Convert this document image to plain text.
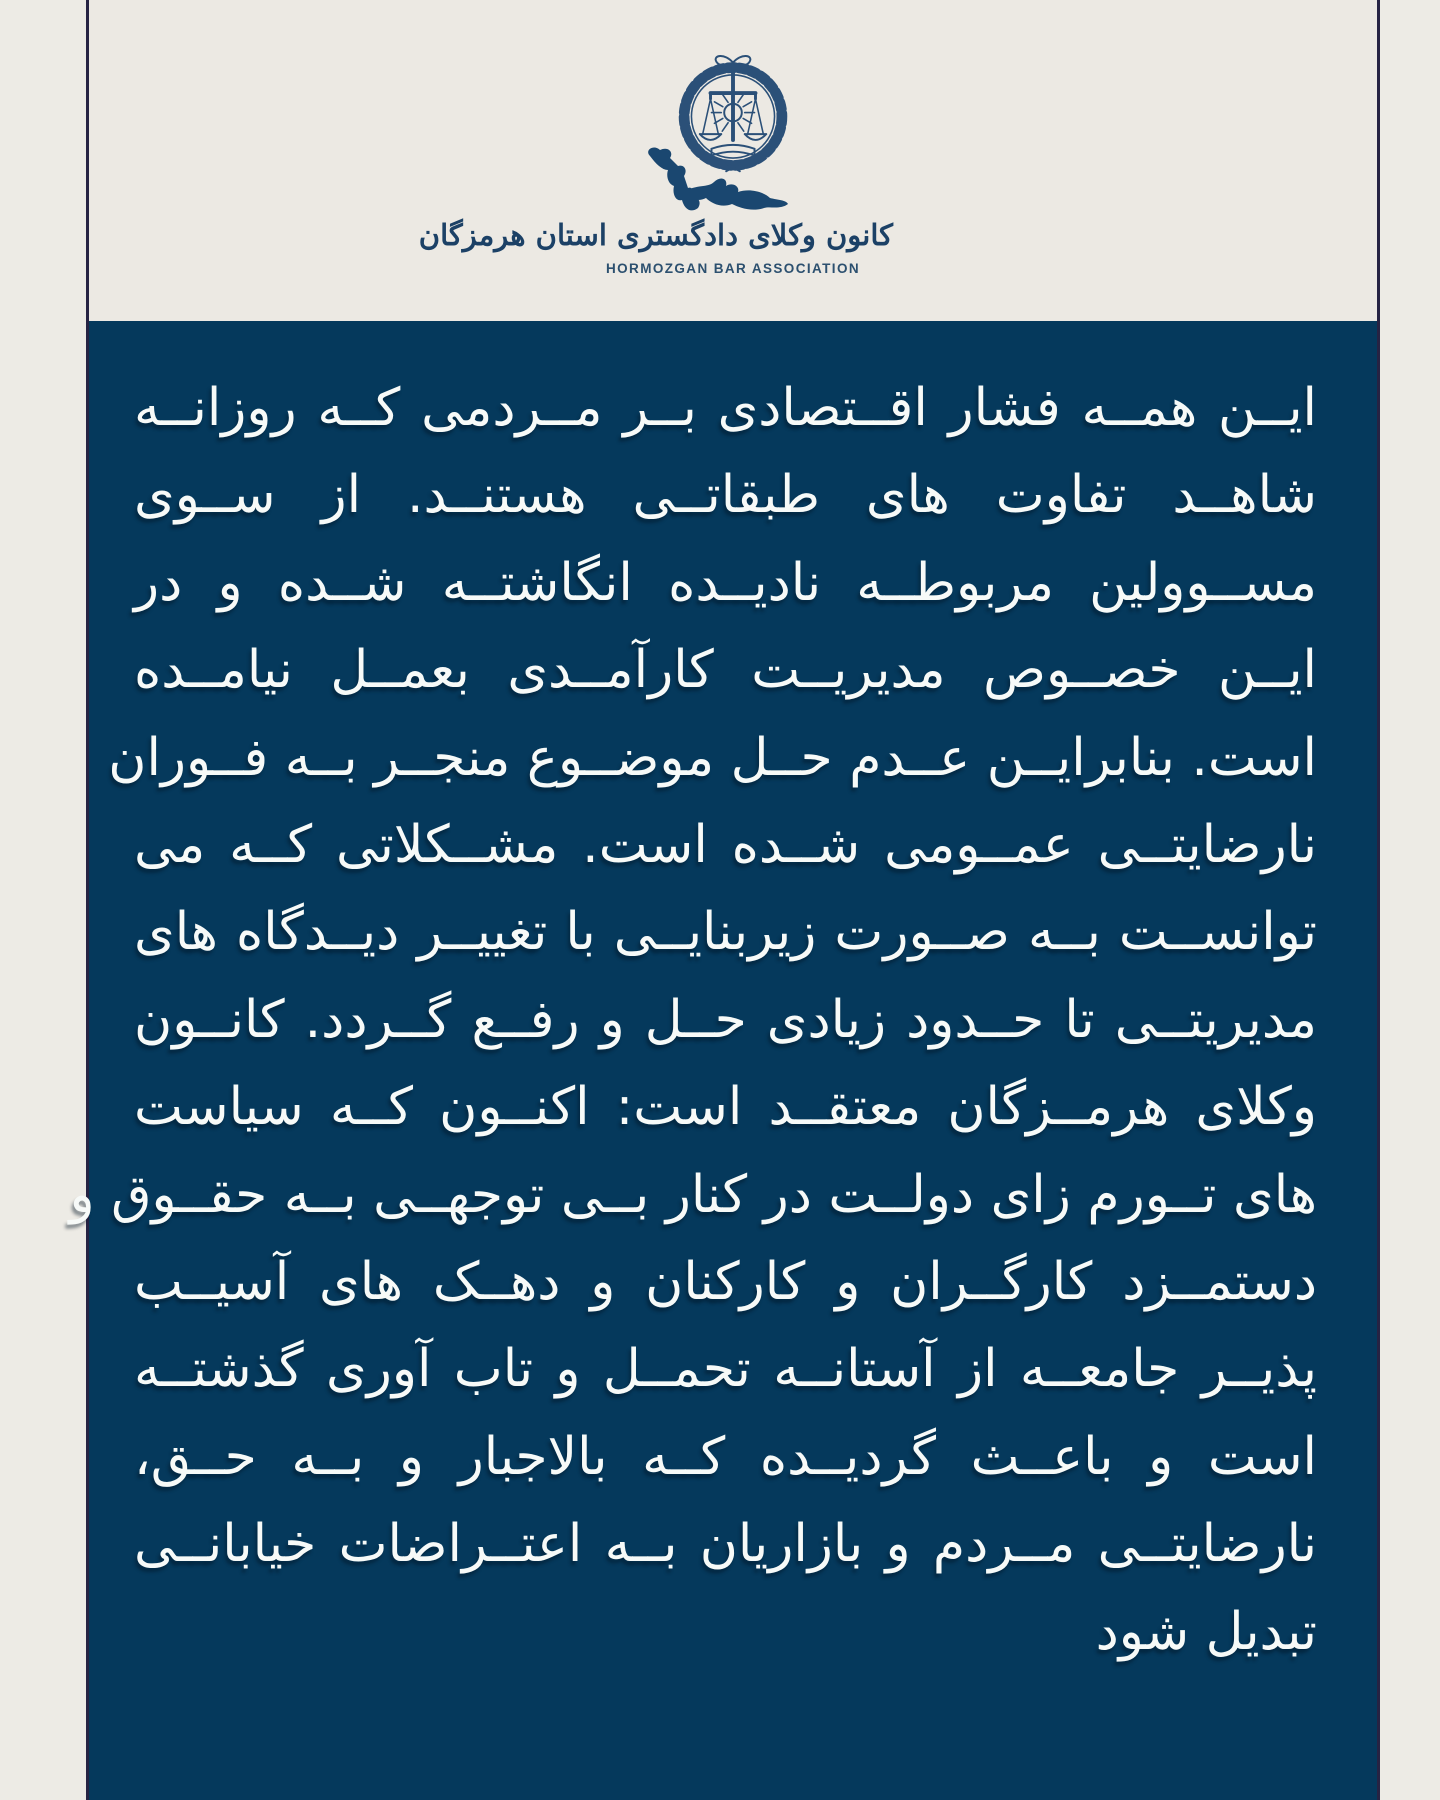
کانون وکلای دادگستری استان هرمزگان
HORMOZGAN BAR ASSOCIATION

ایــن همــه فشار اقــتصادی بــر مــردمی کــه روزانــه

شاهــد تفاوت های طبقاتــی هستنــد. از ســوی

مســوولین مربوطــه نادیــده انگاشتــه شــده و در

ایــن خصــوص مدیریــت کارآمــدی بعمــل نیامــده

است. بنابرایــن عــدم حــل موضــوع منجــر بــه فــوران

نارضایتــی عمــومی شــده است. مشــکلاتی کــه می

توانســت بــه صــورت زیربنایــی با تغییــر دیــدگاه های

مدیریتــی تا حــدود زیادی حــل و رفــع گــردد. کانــون

وکلای هرمــزگان معتقــد است: اکنــون کــه سیاست

های تــورم زای دولــت در کنار بــی توجهــی بــه حقــوق و

دستمــزد کارگــران و کارکنان و دهــک های آسیــب

پذیــر جامعــه از آستانــه تحمــل و تاب آوری گذشتــه

است و باعــث گردیــده کــه بالاجبار و بــه حــق،

نارضایتــی مــردم و بازاریان بــه اعتــراضات خیابانــی

تبدیل شود
